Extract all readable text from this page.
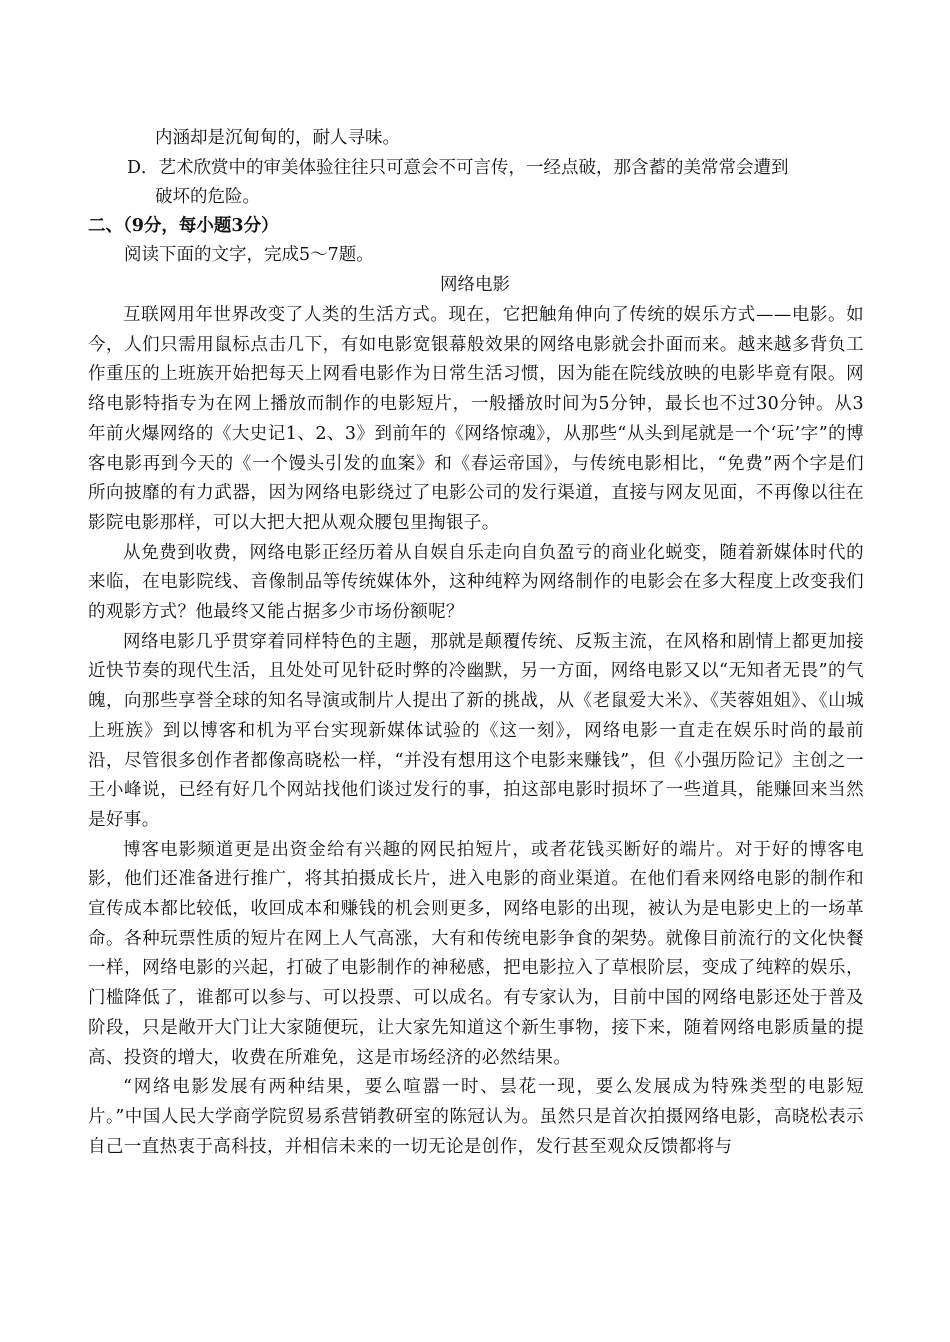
内涵却是沉甸甸的，耐人寻味。
D．艺术欣赏中的审美体验往往只可意会不可言传，一经点破，那含蓄的美常常会遭到
破坏的危险。
二、（9分，每小题3分）
阅读下面的文字，完成5～7题。
网络电影

互联网用年世界改变了人类的生活方式。现在，它把触角伸向了传统的娱乐方式——电影。如今，人们只需用鼠标点击几下，有如电影宽银幕般效果的网络电影就会扑面而来。越来越多背负工作重压的上班族开始把每天上网看电影作为日常生活习惯，因为能在院线放映的电影毕竟有限。网络电影特指专为在网上播放而制作的电影短片，一般播放时间为5分钟，最长也不过30分钟。从3年前火爆网络的《大史记1、2、3》到前年的《网络惊魂》，从那些“从头到尾就是一个‘玩’字”的博客电影再到今天的《一个馒头引发的血案》和《春运帝国》，与传统电影相比，“免费”两个字是们所向披靡的有力武器，因为网络电影绕过了电影公司的发行渠道，直接与网友见面，不再像以往在影院电影那样，可以大把大把从观众腰包里掏银子。

从免费到收费，网络电影正经历着从自娱自乐走向自负盈亏的商业化蜕变，随着新媒体时代的来临，在电影院线、音像制品等传统媒体外，这种纯粹为网络制作的电影会在多大程度上改变我们的观影方式？他最终又能占据多少市场份额呢？

网络电影几乎贯穿着同样特色的主题，那就是颠覆传统、反叛主流，在风格和剧情上都更加接近快节奏的现代生活，且处处可见针砭时弊的冷幽默，另一方面，网络电影又以“无知者无畏”的气魄，向那些享誉全球的知名导演或制片人提出了新的挑战，从《老鼠爱大米》、《芙蓉姐姐》、《山城上班族》到以博客和机为平台实现新媒体试验的《这一刻》，网络电影一直走在娱乐时尚的最前沿，尽管很多创作者都像高晓松一样，“并没有想用这个电影来赚钱”，但《小强历险记》主创之一王小峰说，已经有好几个网站找他们谈过发行的事，拍这部电影时损坏了一些道具，能赚回来当然是好事。

博客电影频道更是出资金给有兴趣的网民拍短片，或者花钱买断好的端片。对于好的博客电影，他们还准备进行推广，将其拍摄成长片，进入电影的商业渠道。在他们看来网络电影的制作和宣传成本都比较低，收回成本和赚钱的机会则更多，网络电影的出现，被认为是电影史上的一场革命。各种玩票性质的短片在网上人气高涨，大有和传统电影争食的架势。就像目前流行的文化快餐一样，网络电影的兴起，打破了电影制作的神秘感，把电影拉入了草根阶层，变成了纯粹的娱乐，门槛降低了，谁都可以参与、可以投票、可以成名。有专家认为，目前中国的网络电影还处于普及阶段，只是敞开大门让大家随便玩，让大家先知道这个新生事物，接下来，随着网络电影质量的提高、投资的增大，收费在所难免，这是市场经济的必然结果。

“网络电影发展有两种结果，要么喧嚣一时、昙花一现，要么发展成为特殊类型的电影短片。”中国人民大学商学院贸易系营销教研室的陈冠认为。虽然只是首次拍摄网络电影，高晓松表示自己一直热衷于高科技，并相信未来的一切无论是创作，发行甚至观众反馈都将与
